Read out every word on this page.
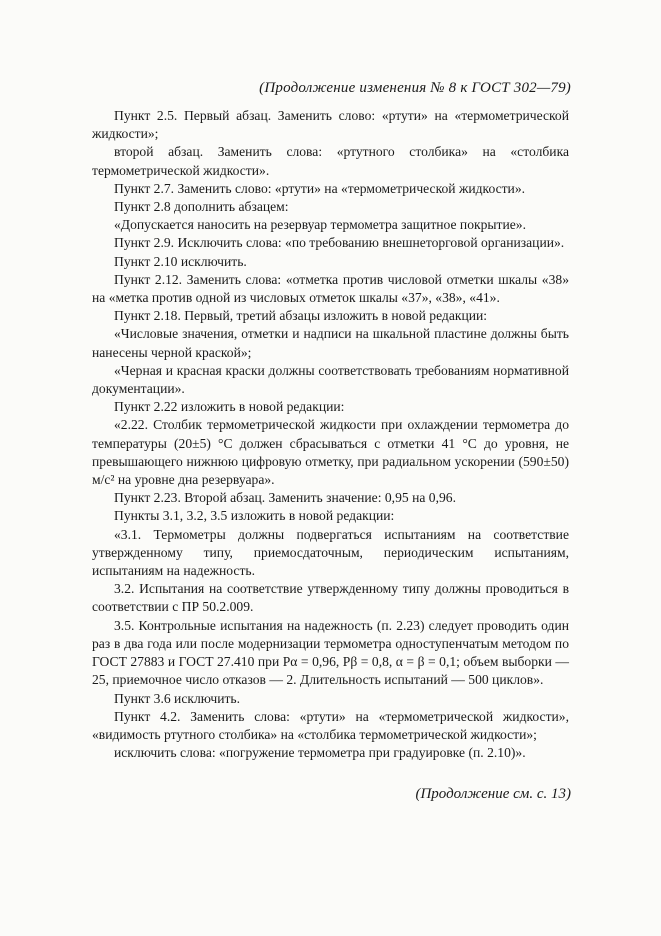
(Продолжение изменения № 8 к ГОСТ 302—79)

Пункт 2.5. Первый абзац. Заменить слово: «ртути» на «термометрической жидкости»;

второй абзац. Заменить слова: «ртутного столбика» на «столбика термометрической жидкости».

Пункт 2.7. Заменить слово: «ртути» на «термометрической жидкости».

Пункт 2.8 дополнить абзацем:

«Допускается наносить на резервуар термометра защитное покрытие».

Пункт 2.9. Исключить слова: «по требованию внешнеторговой организации».

Пункт 2.10 исключить.

Пункт 2.12. Заменить слова: «отметка против числовой отметки шкалы «38» на «метка против одной из числовых отметок шкалы «37», «38», «41».

Пункт 2.18. Первый, третий абзацы изложить в новой редакции:

«Числовые значения, отметки и надписи на шкальной пластине должны быть нанесены черной краской»;

«Черная и красная краски должны соответствовать требованиям нормативной документации».

Пункт 2.22 изложить в новой редакции:

«2.22. Столбик термометрической жидкости при охлаждении термометра до температуры (20±5) °С должен сбрасываться с отметки 41 °С до уровня, не превышающего нижнюю цифровую отметку, при радиальном ускорении (590±50) м/с² на уровне дна резервуара».

Пункт 2.23. Второй абзац. Заменить значение: 0,95 на 0,96.

Пункты 3.1, 3.2, 3.5 изложить в новой редакции:

«3.1. Термометры должны подвергаться испытаниям на соответствие утвержденному типу, приемосдаточным, периодическим испытаниям, испытаниям на надежность.

3.2. Испытания на соответствие утвержденному типу должны проводиться в соответствии с ПР 50.2.009.

3.5. Контрольные испытания на надежность (п. 2.23) следует проводить один раз в два года или после модернизации термометра одноступенчатым методом по ГОСТ 27883 и ГОСТ 27.410 при Pα = 0,96, Pβ = 0,8, α = β = 0,1; объем выборки — 25, приемочное число отказов — 2. Длительность испытаний — 500 циклов».

Пункт 3.6 исключить.

Пункт 4.2. Заменить слова: «ртути» на «термометрической жидкости», «видимость ртутного столбика» на «столбика термометрической жидкости»;

исключить слова: «погружение термометра при градуировке (п. 2.10)».

(Продолжение см. с. 13)
